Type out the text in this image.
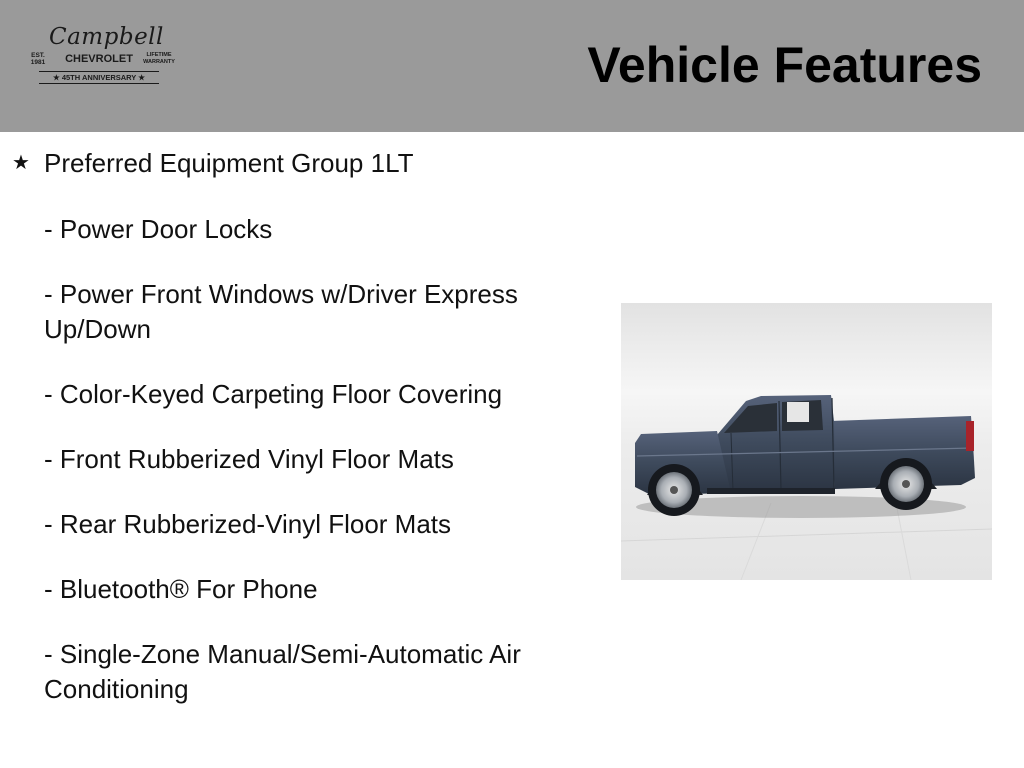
Campbell
EST. 1981	CHEVROLET	LIFETIME WARRANTY
★ 45TH ANNIVERSARY ★	Vehicle Features
★ Preferred Equipment Group 1LT
- Power Door Locks
- Power Front Windows w/Driver Express Up/Down
- Color-Keyed Carpeting Floor Covering
- Front Rubberized Vinyl Floor Mats
- Rear Rubberized-Vinyl Floor Mats
- Bluetooth® For Phone
- Single-Zone Manual/Semi-Automatic Air Conditioning
